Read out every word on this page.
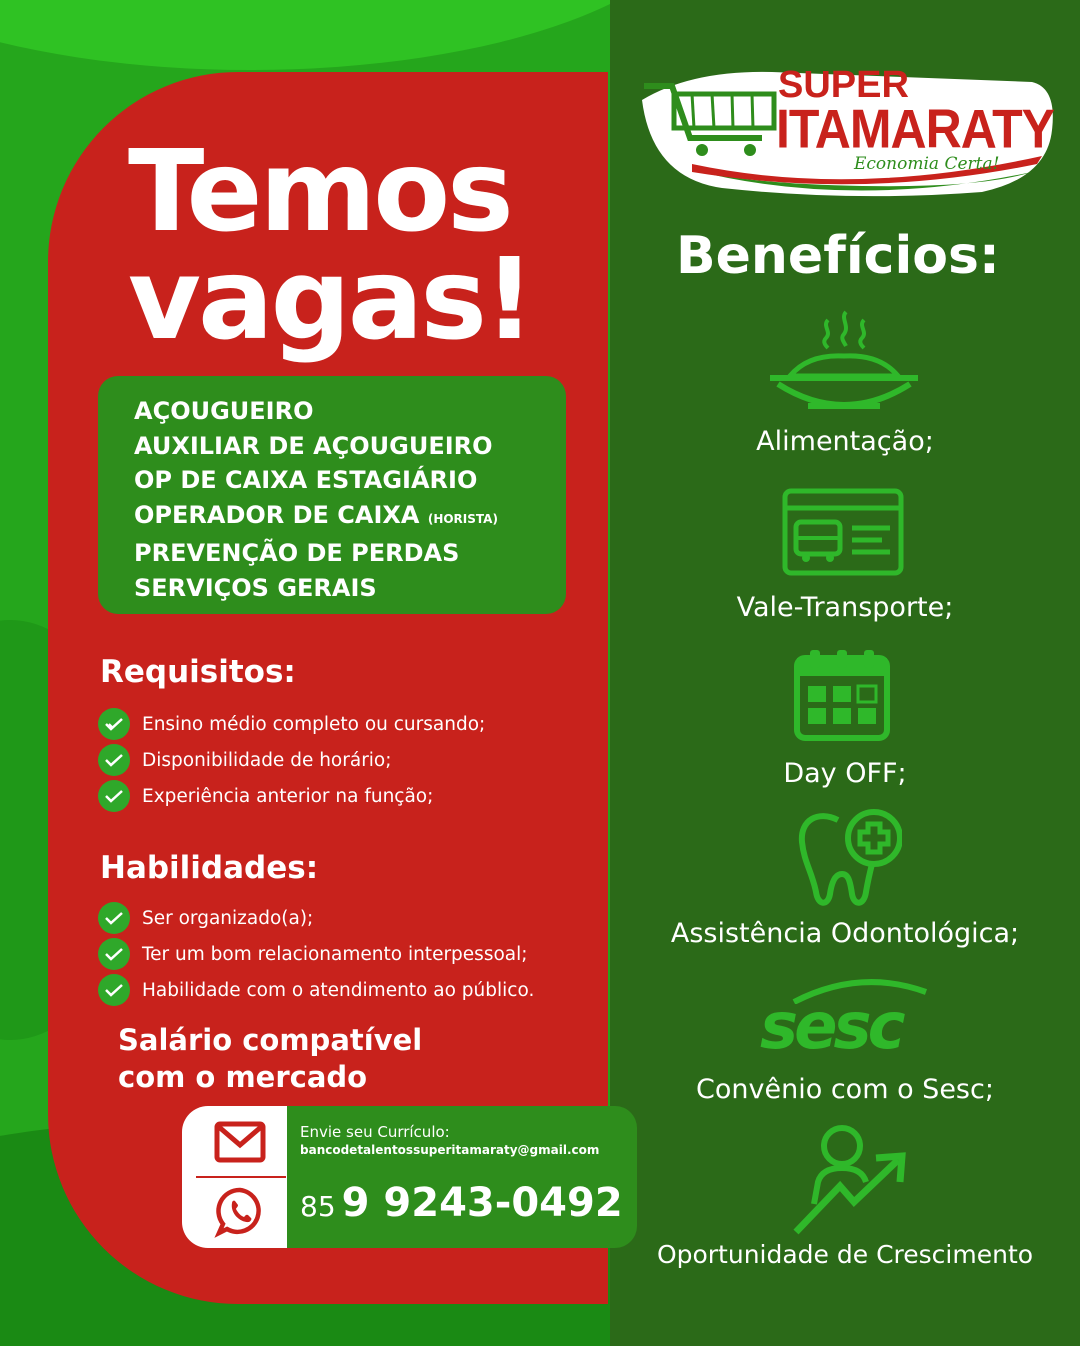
Temos
vagas!
AÇOUGUEIRO
AUXILIAR DE AÇOUGUEIRO
OP DE CAIXA ESTAGIÁRIO
OPERADOR DE CAIXA (HORISTA)
PREVENÇÃO DE PERDAS
SERVIÇOS GERAIS
Requisitos:
Ensino médio completo ou cursando;
Disponibilidade de horário;
Experiência anterior na função;
Habilidades:
Ser organizado(a);
Ter um bom relacionamento interpessoal;
Habilidade com o atendimento ao público.
Salário compatível
com o mercado
Envie seu Currículo:
bancodetalentossuperitamaraty@gmail.com
85 9 9243-0492
SUPER
ITAMARATY
Economia Certa!
Benefícios:
Alimentação;
Vale-Transporte;
Day OFF;
Assistência Odontológica;
sesc
Convênio com o Sesc;
Oportunidade de Crescimento
